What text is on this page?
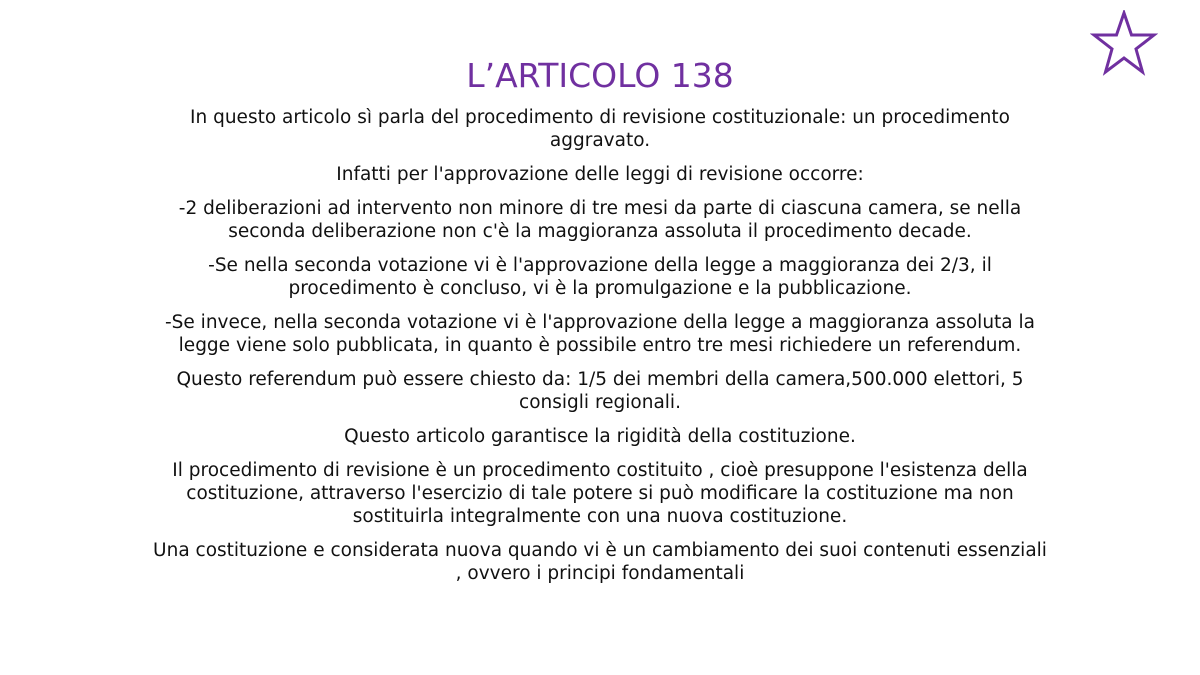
L’ARTICOLO 138

In questo articolo sì parla del procedimento di revisione costituzionale: un procedimento aggravato.

Infatti per l'approvazione delle leggi di revisione occorre:

-2 deliberazioni ad intervento non minore di tre mesi da parte di ciascuna camera, se nella seconda deliberazione non c'è la maggioranza assoluta il procedimento decade.

-Se nella seconda votazione vi è l'approvazione della legge a maggioranza dei 2/3, il procedimento è concluso, vi è la promulgazione e la pubblicazione.

-Se invece, nella seconda votazione vi è l'approvazione della legge a maggioranza assoluta la legge viene solo pubblicata, in quanto è possibile entro tre mesi richiedere un referendum.

Questo referendum può essere chiesto da: 1/5 dei membri della camera,500.000 elettori, 5 consigli regionali.

Questo articolo garantisce la rigidità della costituzione.

Il procedimento di revisione è un procedimento costituito , cioè presuppone l'esistenza della costituzione, attraverso l'esercizio di tale potere si può modificare la costituzione ma non sostituirla integralmente con una nuova costituzione.

Una costituzione e considerata nuova quando vi è un cambiamento dei suoi contenuti essenziali , ovvero i principi fondamentali
